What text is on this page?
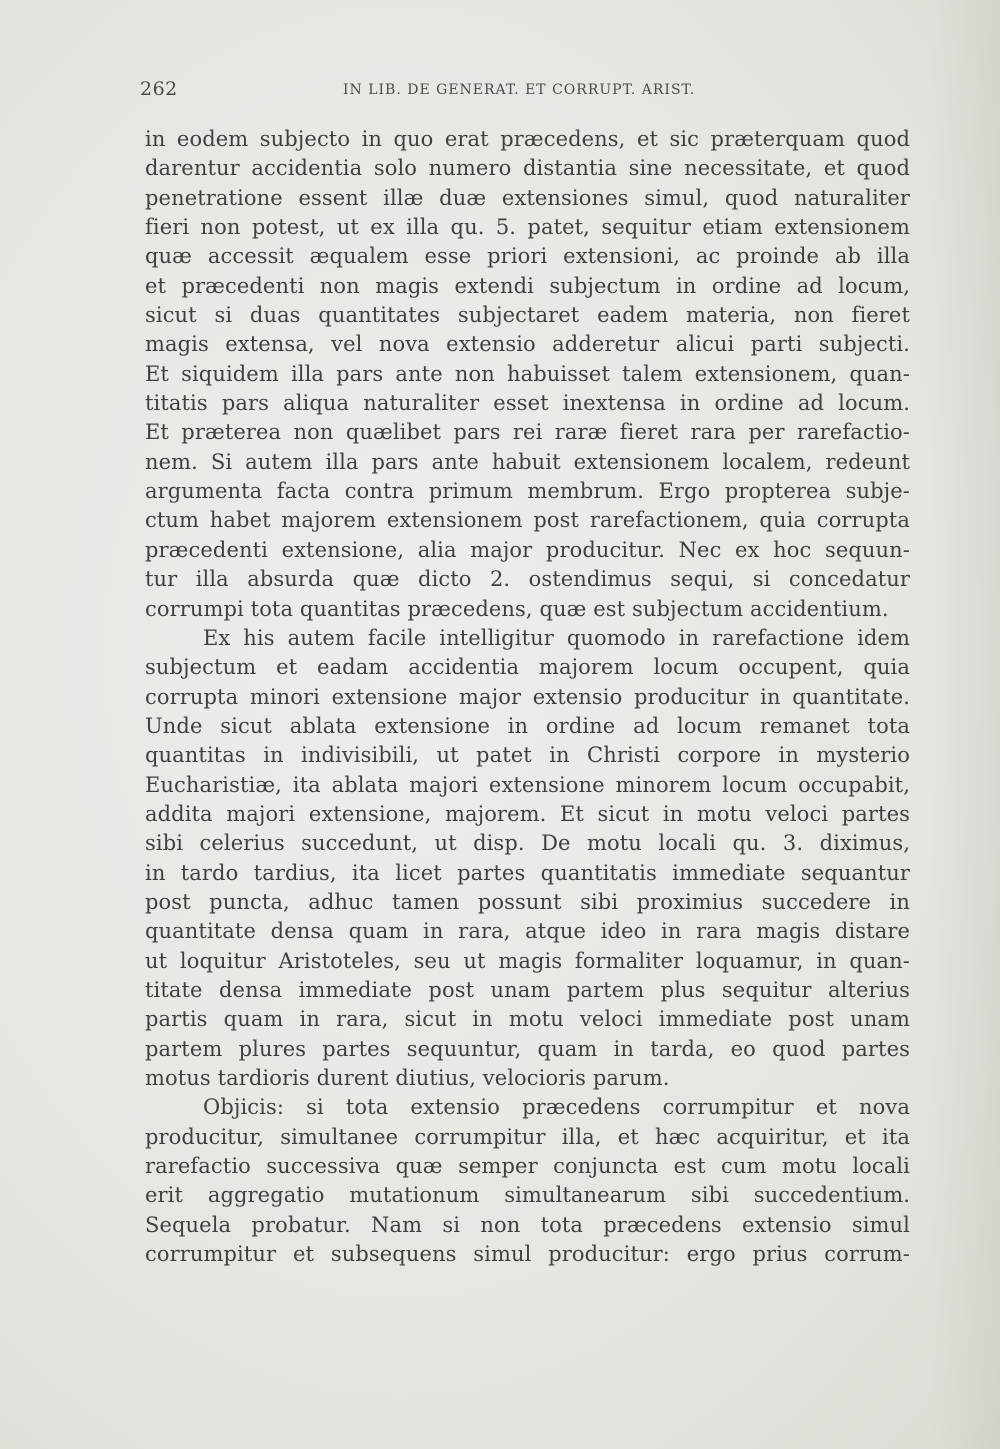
262	IN LIB. DE GENERAT. ET CORRUPT. ARIST.
in eodem subjecto in quo erat præcedens, et sic præterquam quod
darentur accidentia solo numero distantia sine necessitate, et quod
penetratione essent illæ duæ extensiones simul, quod naturaliter
fieri non potest, ut ex illa qu. 5. patet, sequitur etiam extensionem
quæ accessit æqualem esse priori extensioni, ac proinde ab illa
et præcedenti non magis extendi subjectum in ordine ad locum,
sicut si duas quantitates subjectaret eadem materia, non fieret
magis extensa, vel nova extensio adderetur alicui parti subjecti.
Et siquidem illa pars ante non habuisset talem extensionem, quan-
titatis pars aliqua naturaliter esset inextensa in ordine ad locum.
Et præterea non quælibet pars rei raræ fieret rara per rarefactio-
nem. Si autem illa pars ante habuit extensionem localem, redeunt
argumenta facta contra primum membrum. Ergo propterea subje-
ctum habet majorem extensionem post rarefactionem, quia corrupta
præcedenti extensione, alia major producitur. Nec ex hoc sequun-
tur illa absurda quæ dicto 2. ostendimus sequi, si concedatur
corrumpi tota quantitas præcedens, quæ est subjectum accidentium.
Ex his autem facile intelligitur quomodo in rarefactione idem
subjectum et eadam accidentia majorem locum occupent, quia
corrupta minori extensione major extensio producitur in quantitate.
Unde sicut ablata extensione in ordine ad locum remanet tota
quantitas in indivisibili, ut patet in Christi corpore in mysterio
Eucharistiæ, ita ablata majori extensione minorem locum occupabit,
addita majori extensione, majorem. Et sicut in motu veloci partes
sibi celerius succedunt, ut disp. De motu locali qu. 3. diximus,
in tardo tardius, ita licet partes quantitatis immediate sequantur
post puncta, adhuc tamen possunt sibi proximius succedere in
quantitate densa quam in rara, atque ideo in rara magis distare
ut loquitur Aristoteles, seu ut magis formaliter loquamur, in quan-
titate densa immediate post unam partem plus sequitur alterius
partis quam in rara, sicut in motu veloci immediate post unam
partem plures partes sequuntur, quam in tarda, eo quod partes
motus tardioris durent diutius, velocioris parum.
Objicis: si tota extensio præcedens corrumpitur et nova
producitur, simultanee corrumpitur illa, et hæc acquiritur, et ita
rarefactio successiva quæ semper conjuncta est cum motu locali
erit aggregatio mutationum simultanearum sibi succedentium.
Sequela probatur. Nam si non tota præcedens extensio simul
corrumpitur et subsequens simul producitur: ergo prius corrum-
